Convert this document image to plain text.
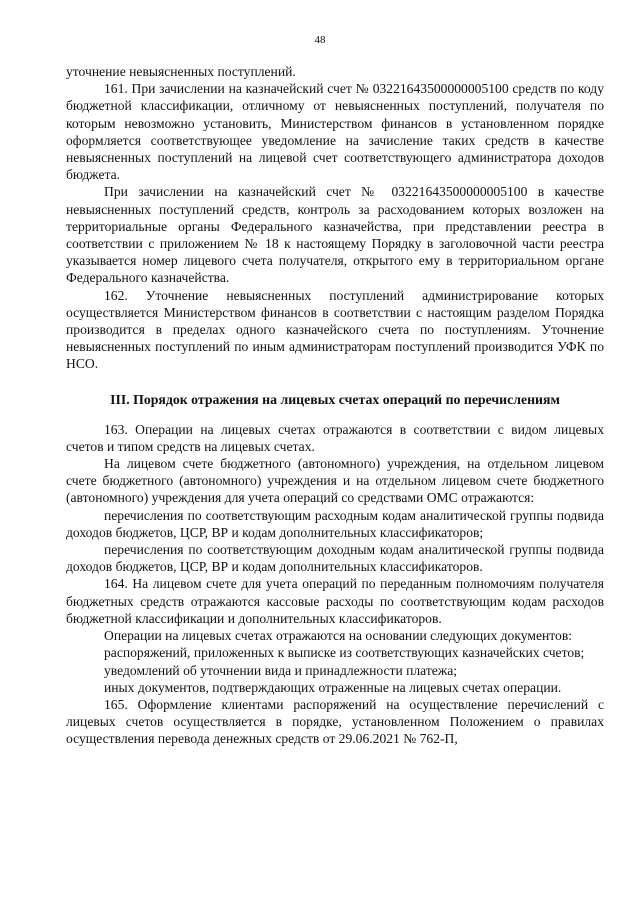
48

уточнение невыясненных поступлений.

161. При зачислении на казначейский счет № 03221643500000005100 средств по коду бюджетной классификации, отличному от невыясненных поступлений, получателя по которым невозможно установить, Министерством финансов в установленном порядке оформляется соответствующее уведомление на зачисление таких средств в качестве невыясненных поступлений на лицевой счет соответствующего администратора доходов бюджета.

При зачислении на казначейский счет № 03221643500000005100 в качестве невыясненных поступлений средств, контроль за расходованием которых возложен на территориальные органы Федерального казначейства, при представлении реестра в соответствии с приложением № 18 к настоящему Порядку в заголовочной части реестра указывается номер лицевого счета получателя, открытого ему в территориальном органе Федерального казначейства.

162. Уточнение невыясненных поступлений администрирование которых осуществляется Министерством финансов в соответствии с настоящим разделом Порядка производится в пределах одного казначейского счета по поступлениям. Уточнение невыясненных поступлений по иным администраторам поступлений производится УФК по НСО.

III. Порядок отражения на лицевых счетах операций по перечислениям

163. Операции на лицевых счетах отражаются в соответствии с видом лицевых счетов и типом средств на лицевых счетах.

На лицевом счете бюджетного (автономного) учреждения, на отдельном лицевом счете бюджетного (автономного) учреждения и на отдельном лицевом счете бюджетного (автономного) учреждения для учета операций со средствами ОМС отражаются:

перечисления по соответствующим расходным кодам аналитической группы подвида доходов бюджетов, ЦСР, ВР и кодам дополнительных классификаторов;

перечисления по соответствующим доходным кодам аналитической группы подвида доходов бюджетов, ЦСР, ВР и кодам дополнительных классификаторов.

164. На лицевом счете для учета операций по переданным полномочиям получателя бюджетных средств отражаются кассовые расходы по соответствующим кодам расходов бюджетной классификации и дополнительных классификаторов.

Операции на лицевых счетах отражаются на основании следующих документов:

распоряжений, приложенных к выписке из соответствующих казначейских счетов;

уведомлений об уточнении вида и принадлежности платежа;

иных документов, подтверждающих отраженные на лицевых счетах операции.

165. Оформление клиентами распоряжений на осуществление перечислений с лицевых счетов осуществляется в порядке, установленном Положением о правилах осуществления перевода денежных средств от 29.06.2021 № 762-П,
